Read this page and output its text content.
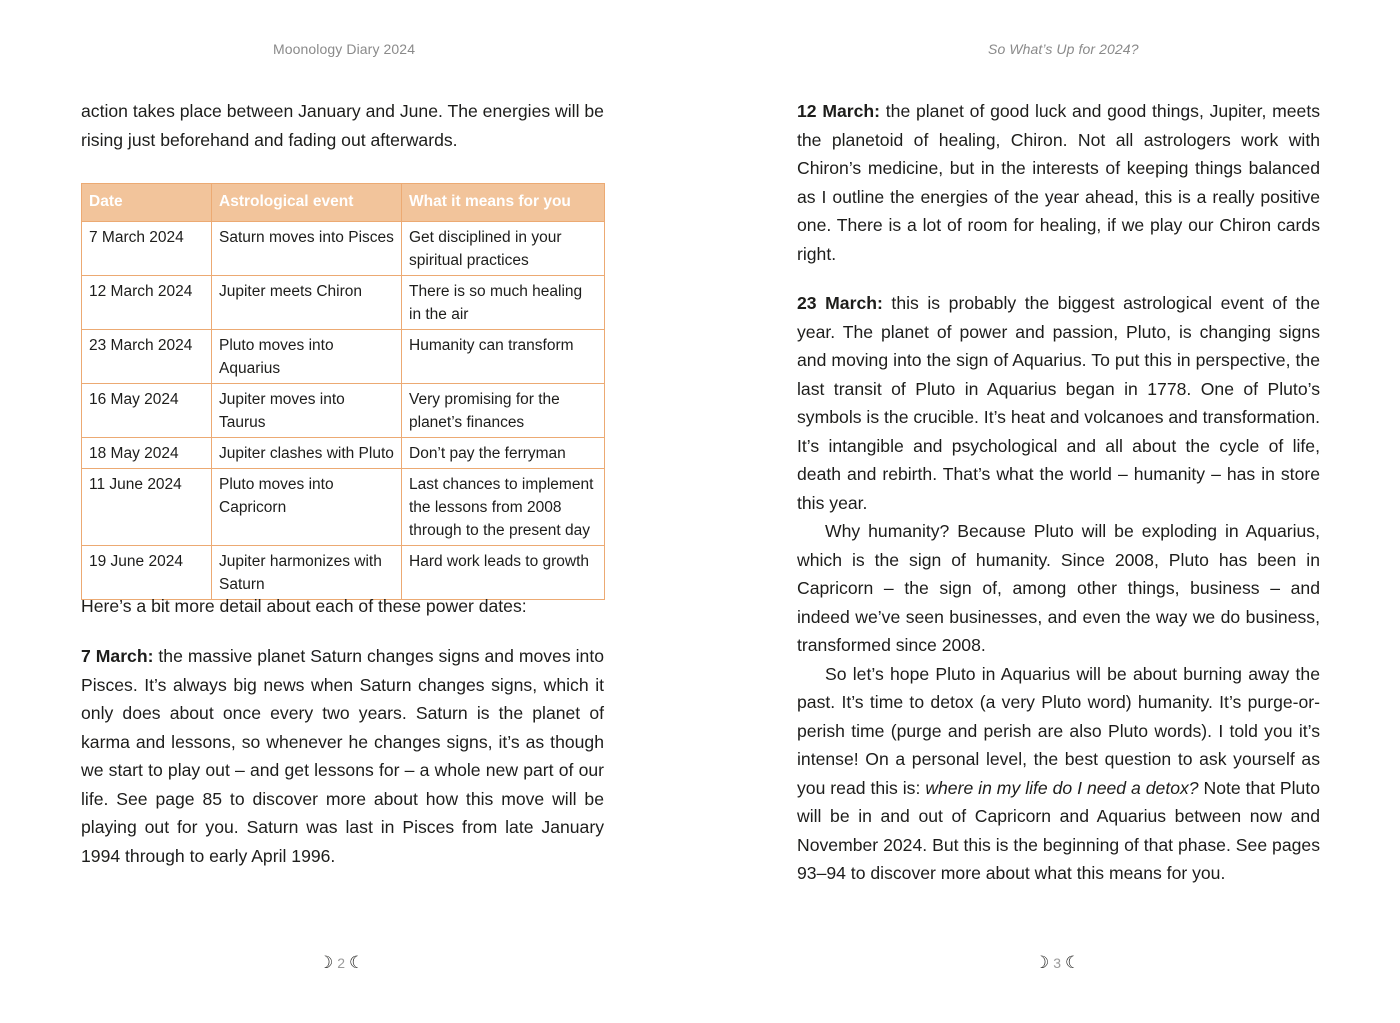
Moonology Diary 2024
action takes place between January and June. The energies will be
rising just beforehand and fading out afterwards.
Date	Astrological event	What it means for you
7 March 2024	Saturn moves into Pisces	Get disciplined in your spiritual practices
12 March 2024	Jupiter meets Chiron	There is so much healing in the air
23 March 2024	Pluto moves into Aquarius	Humanity can transform
16 May 2024	Jupiter moves into Taurus	Very promising for the planet’s finances
18 May 2024	Jupiter clashes with Pluto	Don’t pay the ferryman
11 June 2024	Pluto moves into Capricorn	Last chances to implement the lessons from 2008 through to the present day
19 June 2024	Jupiter harmonizes with Saturn	Hard work leads to growth

Here’s a bit more detail about each of these power dates:

7 March: the massive planet Saturn changes signs and moves into Pisces. It’s always big news when Saturn changes signs, which it only does about once every two years. Saturn is the planet of karma and lessons, so whenever he changes signs, it’s as though we start to play out – and get lessons for – a whole new part of our life. See page 85 to discover more about how this move will be playing out for you. Saturn was last in Pisces from late January 1994 through to early April 1996.

☽ 2 ☾
So What’s Up for 2024?

12 March: the planet of good luck and good things, Jupiter, meets the planetoid of healing, Chiron. Not all astrologers work with Chiron’s medicine, but in the interests of keeping things balanced as I outline the energies of the year ahead, this is a really positive one. There is a lot of room for healing, if we play our Chiron cards right.

23 March: this is probably the biggest astrological event of the year. The planet of power and passion, Pluto, is changing signs and moving into the sign of Aquarius. To put this in perspective, the last transit of Pluto in Aquarius began in 1778. One of Pluto’s symbols is the crucible. It’s heat and volcanoes and transformation. It’s intangible and psychological and all about the cycle of life, death and rebirth. That’s what the world – humanity – has in store this year.

Why humanity? Because Pluto will be exploding in Aquarius, which is the sign of humanity. Since 2008, Pluto has been in Capricorn – the sign of, among other things, business – and indeed we’ve seen businesses, and even the way we do business, transformed since 2008.

So let’s hope Pluto in Aquarius will be about burning away the past. It’s time to detox (a very Pluto word) humanity. It’s purge-or-perish time (purge and perish are also Pluto words). I told you it’s intense! On a personal level, the best question to ask yourself as you read this is: where in my life do I need a detox? Note that Pluto will be in and out of Capricorn and Aquarius between now and November 2024. But this is the beginning of that phase. See pages 93–94 to discover more about what this means for you.

☽ 3 ☾
